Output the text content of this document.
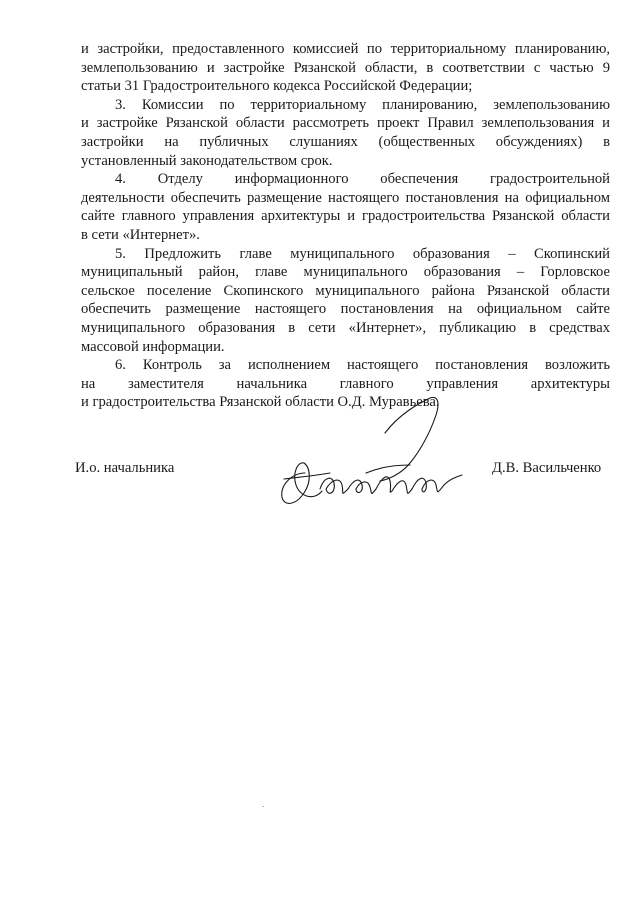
и застройки, предоставленного комиссией по территориальному планированию,
землепользованию и застройке Рязанской области, в соответствии с частью 9
статьи 31 Градостроительного кодекса Российской Федерации;
3. Комиссии по территориальному планированию, землепользованию
и застройке Рязанской области рассмотреть проект Правил землепользования и
застройки на публичных слушаниях (общественных обсуждениях) в
установленный законодательством срок.
4. Отделу информационного обеспечения градостроительной
деятельности обеспечить размещение настоящего постановления на официальном
сайте главного управления архитектуры и градостроительства Рязанской области
в сети «Интернет».
5. Предложить главе муниципального образования – Скопинский
муниципальный район, главе муниципального образования – Горловское
сельское поселение Скопинского муниципального района Рязанской области
обеспечить размещение настоящего постановления на официальном сайте
муниципального образования в сети «Интернет», публикацию в средствах
массовой информации.
6. Контроль за исполнением настоящего постановления возложить
на заместителя начальника главного управления архитектуры
и градостроительства Рязанской области О.Д. Муравьева.
И.о. начальника	Д.В. Васильченко
